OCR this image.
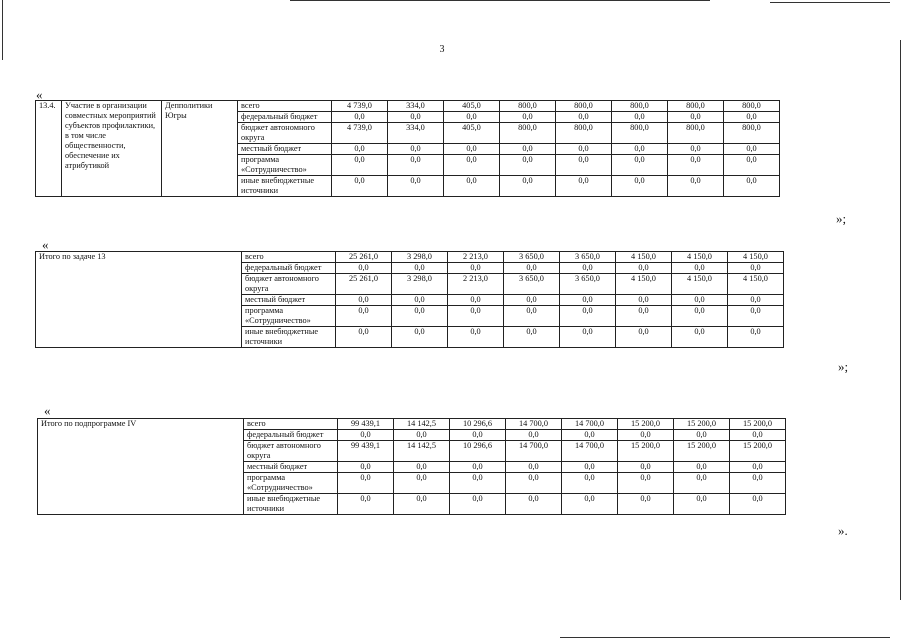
3
«
13.4.	Участие в организации совместных мероприятий субъектов профилактики, в том числе общественности, обеспечение их атрибутикой	Депполитики Югры	всего	4 739,0	334,0	405,0	800,0	800,0	800,0	800,0	800,0
			федеральный бюджет	0,0	0,0	0,0	0,0	0,0	0,0	0,0	0,0
			бюджет автономного округа	4 739,0	334,0	405,0	800,0	800,0	800,0	800,0	800,0
			местный бюджет	0,0	0,0	0,0	0,0	0,0	0,0	0,0	0,0
			программа «Сотрудничество»	0,0	0,0	0,0	0,0	0,0	0,0	0,0	0,0
			иные внебюджетные источники	0,0	0,0	0,0	0,0	0,0	0,0	0,0	0,0
»;
«
Итого по задаче 13	всего	25 261,0	3 298,0	2 213,0	3 650,0	3 650,0	4 150,0	4 150,0	4 150,0
	федеральный бюджет	0,0	0,0	0,0	0,0	0,0	0,0	0,0	0,0
	бюджет автономного округа	25 261,0	3 298,0	2 213,0	3 650,0	3 650,0	4 150,0	4 150,0	4 150,0
	местный бюджет	0,0	0,0	0,0	0,0	0,0	0,0	0,0	0,0
	программа «Сотрудничество»	0,0	0,0	0,0	0,0	0,0	0,0	0,0	0,0
	иные внебюджетные источники	0,0	0,0	0,0	0,0	0,0	0,0	0,0	0,0
»;
«
Итого по подпрограмме IV	всего	99 439,1	14 142,5	10 296,6	14 700,0	14 700,0	15 200,0	15 200,0	15 200,0
	федеральный бюджет	0,0	0,0	0,0	0,0	0,0	0,0	0,0	0,0
	бюджет автономного округа	99 439,1	14 142,5	10 296,6	14 700,0	14 700,0	15 200,0	15 200,0	15 200,0
	местный бюджет	0,0	0,0	0,0	0,0	0,0	0,0	0,0	0,0
	программа «Сотрудничество»	0,0	0,0	0,0	0,0	0,0	0,0	0,0	0,0
	иные внебюджетные источники	0,0	0,0	0,0	0,0	0,0	0,0	0,0	0,0
».
